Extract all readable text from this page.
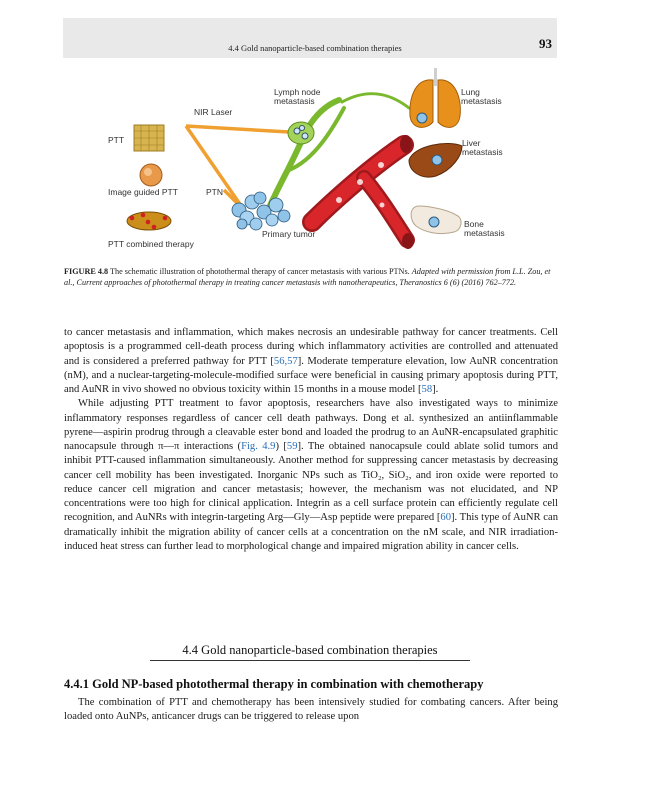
4.4 Gold nanoparticle-based combination therapies	93
PTT
Image guided PTT	PTN
PTT combined therapy
NIR Laser
Lymph node
metastasis
Primary tumor
Lung
metastasis
Liver
metastasis
Bone
metastasis
FIGURE 4.8 The schematic illustration of photothermal therapy of cancer metastasis with various PTNs. Adapted with permission from L.L. Zou, et al., Current approaches of photothermal therapy in treating cancer metastasis with nanotherapeutics, Theranostics 6 (6) (2016) 762–772.

to cancer metastasis and inflammation, which makes necrosis an undesirable pathway for cancer treatments. Cell apoptosis is a programmed cell-death process during which inflammatory activities are controlled and attenuated and is considered a preferred pathway for PTT [56,57]. Moderate temperature elevation, low AuNR concentration (nM), and a nuclear-targeting-molecule-modified surface were beneficial in causing primary apoptosis during PTT, and AuNR in vivo showed no obvious toxicity within 15 months in a mouse model [58].

While adjusting PTT treatment to favor apoptosis, researchers have also investigated ways to minimize inflammatory responses regardless of cancer cell death pathways. Dong et al. synthesized an antiinflammable pyrene—aspirin prodrug through a cleavable ester bond and loaded the prodrug to an AuNR-encapsulated graphitic nanocapsule through π—π interactions (Fig. 4.9) [59]. The obtained nanocapsule could ablate solid tumors and inhibit PTT-caused inflammation simultaneously. Another method for suppressing cancer metastasis by decreasing cancer cell mobility has been investigated. Inorganic NPs such as TiO₂, SiO₂, and iron oxide were reported to reduce cancer cell migration and cancer metastasis; however, the mechanism was not elucidated, and NP concentrations were too high for clinical application. Integrin as a cell surface protein can efficiently regulate cell recognition, and AuNRs with integrin-targeting Arg—Gly—Asp peptide were prepared [60]. This type of AuNR can dramatically inhibit the migration ability of cancer cells at a concentration on the nM scale, and NIR irradiation-induced heat stress can further lead to morphological change and impaired migration ability in cancer cells.

4.4 Gold nanoparticle-based combination therapies
4.4.1 Gold NP-based photothermal therapy in combination with chemotherapy

The combination of PTT and chemotherapy has been intensively studied for combating cancers. After being loaded onto AuNPs, anticancer drugs can be triggered to release upon
